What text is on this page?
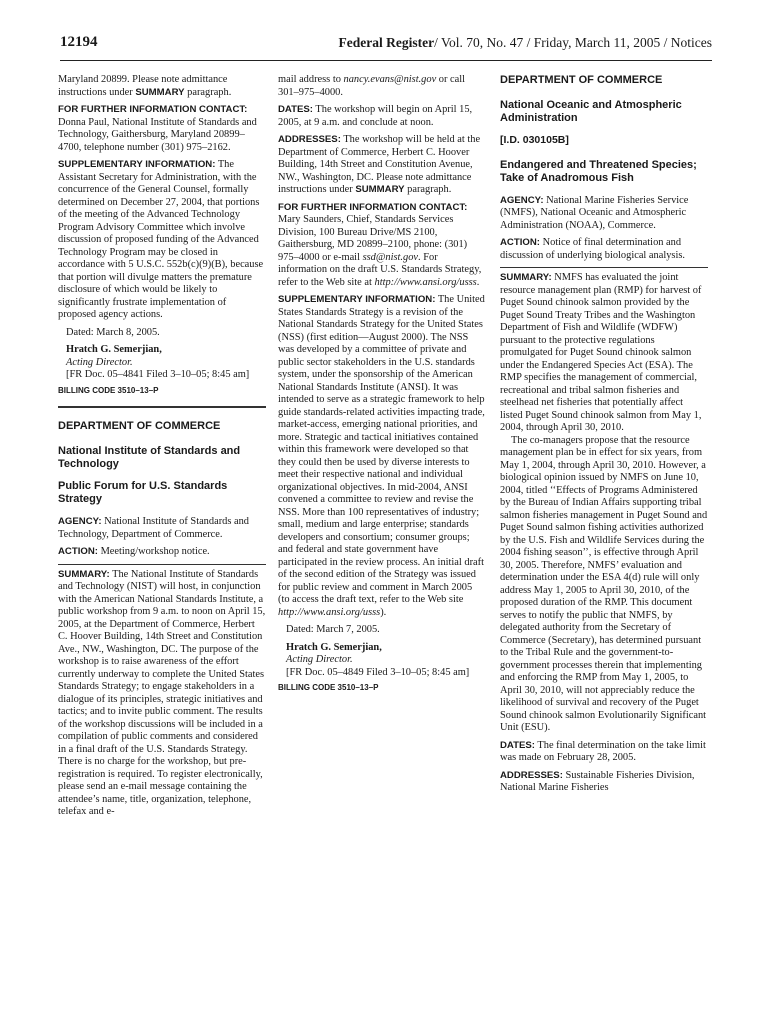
12194	Federal Register/ Vol. 70, No. 47 / Friday, March 11, 2005 / Notices

Maryland 20899. Please note admittance instructions under SUMMARY paragraph.

FOR FURTHER INFORMATION CONTACT:
Donna Paul, National Institute of Standards and Technology, Gaithersburg, Maryland 20899–4700, telephone number (301) 975–2162.

SUPPLEMENTARY INFORMATION: The Assistant Secretary for Administration, with the concurrence of the General Counsel, formally determined on December 27, 2004, that portions of the meeting of the Advanced Technology Program Advisory Committee which involve discussion of proposed funding of the Advanced Technology Program may be closed in accordance with 5 U.S.C. 552b(c)(9)(B), because that portion will divulge matters the premature disclosure of which would be likely to significantly frustrate implementation of proposed agency actions.

Dated: March 8, 2005.

Hratch G. Semerjian,

Acting Director.

[FR Doc. 05–4841 Filed 3–10–05; 8:45 am]

BILLING CODE 3510–13–P

DEPARTMENT OF COMMERCE

National Institute of Standards and Technology

Public Forum for U.S. Standards Strategy

AGENCY: National Institute of Standards and Technology, Department of Commerce.

ACTION: Meeting/workshop notice.

SUMMARY: The National Institute of Standards and Technology (NIST) will host, in conjunction with the American National Standards Institute, a public workshop from 9 a.m. to noon on April 15, 2005, at the Department of Commerce, Herbert C. Hoover Building, 14th Street and Constitution Ave., NW., Washington, DC. The purpose of the workshop is to raise awareness of the effort currently underway to complete the United States Standards Strategy; to engage stakeholders in a dialogue of its principles, strategic initiatives and tactics; and to invite public comment. The results of the workshop discussions will be included in a compilation of public comments and considered in a final draft of the U.S. Standards Strategy. There is no charge for the workshop, but pre-registration is required. To register electronically, please send an e-mail message containing the attendee’s name, title, organization, telephone, telefax and e-

mail address to nancy.evans@nist.gov or call 301–975–4000.

DATES: The workshop will begin on April 15, 2005, at 9 a.m. and conclude at noon.

ADDRESSES: The workshop will be held at the Department of Commerce, Herbert C. Hoover Building, 14th Street and Constitution Avenue, NW., Washington, DC. Please note admittance instructions under SUMMARY paragraph.

FOR FURTHER INFORMATION CONTACT:
Mary Saunders, Chief, Standards Services Division, 100 Bureau Drive/MS 2100, Gaithersburg, MD 20899–2100, phone: (301) 975–4000 or e-mail ssd@nist.gov. For information on the draft U.S. Standards Strategy, refer to the Web site at http://www.ansi.org/usss.

SUPPLEMENTARY INFORMATION: The United States Standards Strategy is a revision of the National Standards Strategy for the United States (NSS) (first edition—August 2000). The NSS was developed by a committee of private and public sector stakeholders in the U.S. standards system, under the sponsorship of the American National Standards Institute (ANSI). It was intended to serve as a strategic framework to help guide standards-related activities impacting trade, market-access, emerging national priorities, and more. Strategic and tactical initiatives contained within this framework were developed so that they could then be used by diverse interests to meet their respective national and individual organizational objectives. In mid-2004, ANSI convened a committee to review and revise the NSS. More than 100 representatives of industry; small, medium and large enterprise; standards developers and consortium; consumer groups; and federal and state government have participated in the review process. An initial draft of the second edition of the Strategy was issued for public review and comment in March 2005 (to access the draft text, refer to the Web site http://www.ansi.org/usss).

Dated: March 7, 2005.

Hratch G. Semerjian,

Acting Director.

[FR Doc. 05–4849 Filed 3–10–05; 8:45 am]

BILLING CODE 3510–13–P

DEPARTMENT OF COMMERCE

National Oceanic and Atmospheric Administration

[I.D. 030105B]

Endangered and Threatened Species; Take of Anadromous Fish

AGENCY: National Marine Fisheries Service (NMFS), National Oceanic and Atmospheric Administration (NOAA), Commerce.

ACTION: Notice of final determination and discussion of underlying biological analysis.

SUMMARY: NMFS has evaluated the joint resource management plan (RMP) for harvest of Puget Sound chinook salmon provided by the Puget Sound Treaty Tribes and the Washington Department of Fish and Wildlife (WDFW) pursuant to the protective regulations promulgated for Puget Sound chinook salmon under the Endangered Species Act (ESA). The RMP specifies the management of commercial, recreational and tribal salmon fisheries and steelhead net fisheries that potentially affect listed Puget Sound chinook salmon from May 1, 2004, through April 30, 2010.

The co-managers propose that the resource management plan be in effect for six years, from May 1, 2004, through April 30, 2010. However, a biological opinion issued by NMFS on June 10, 2004, titled ‘‘Effects of Programs Administered by the Bureau of Indian Affairs supporting tribal salmon fisheries management in Puget Sound and Puget Sound salmon fishing activities authorized by the U.S. Fish and Wildlife Services during the 2004 fishing season’’, is effective through April 30, 2005. Therefore, NMFS’ evaluation and determination under the ESA 4(d) rule will only address May 1, 2005 to April 30, 2010, of the proposed duration of the RMP. This document serves to notify the public that NMFS, by delegated authority from the Secretary of Commerce (Secretary), has determined pursuant to the Tribal Rule and the government-to-government processes therein that implementing and enforcing the RMP from May 1, 2005, to April 30, 2010, will not appreciably reduce the likelihood of survival and recovery of the Puget Sound chinook salmon Evolutionarily Significant Unit (ESU).

DATES: The final determination on the take limit was made on February 28, 2005.

ADDRESSES: Sustainable Fisheries Division, National Marine Fisheries
